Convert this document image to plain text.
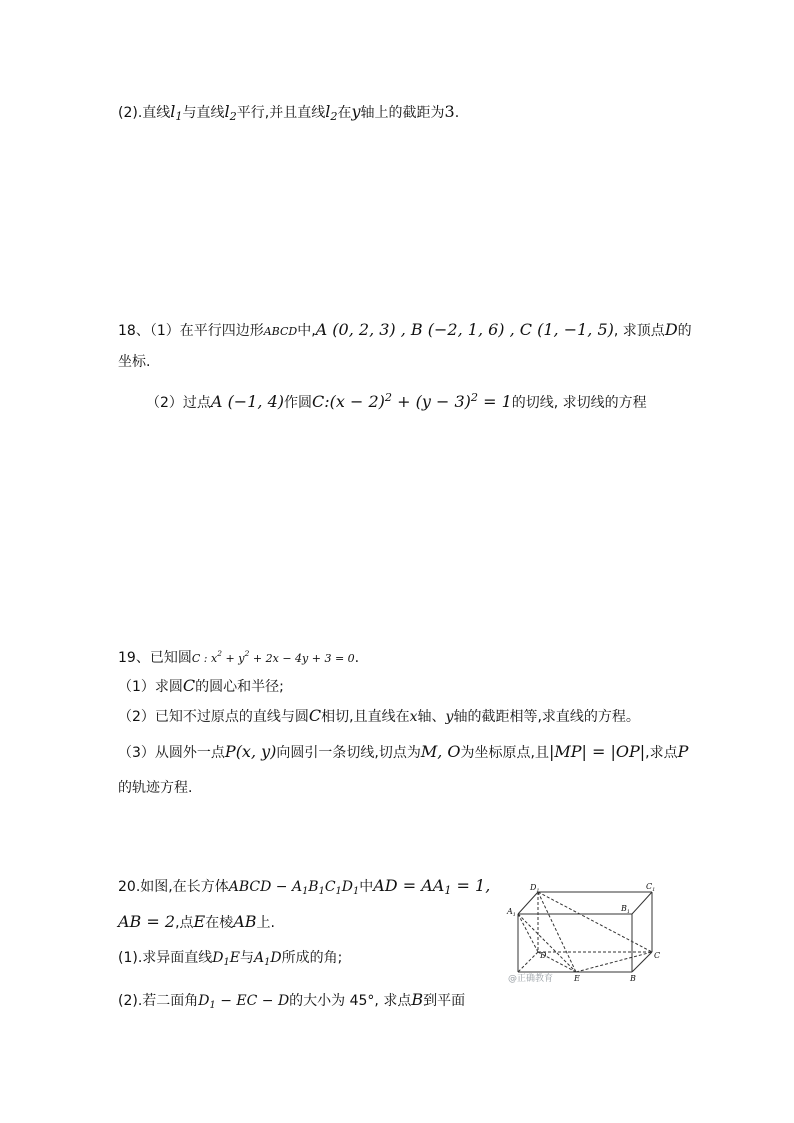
(2).直线$l_1$与直线$l_2$平行,并且直线$l_2$在y轴上的截距为3.
18、（1）在平行四边形ABCD中,A (0, 2, 3) , B (−2, 1, 6) , C (1, −1, 5), 求顶点D的
坐标.
（2）过点A (−1, 4)作圆C:(x − $2)^2 + (y - 3)^2 = 1$的切线, 求切线的方程
19、已知圆C : $x^2 + y^2 + 2x - 4y + 3 = 0$.
（1）求圆C的圆心和半径;
（2）已知不过原点的直线与圆C相切,且直线在x轴、y轴的截距相等,求直线的方程。
（3）从圆外一点P(x, y)向圆引一条切线,切点为M, O为坐标原点,且|MP| = |OP|,求点P
的轨迹方程.
20.如图,在长方体ABCD − $A_1B_1C_1D_1$中AD = $AA_1 = 1$,
AB = 2,点E在棱AB上.
(1).求异面直线$D_1E$与$A_1D$所成的角;
(2).若二面角$D_1$ − EC − D的大小为 45°, 求点B到平面
$D_1$	$C_1$
$A_1$
$B_1$
D	C
E	B
@正确教育
